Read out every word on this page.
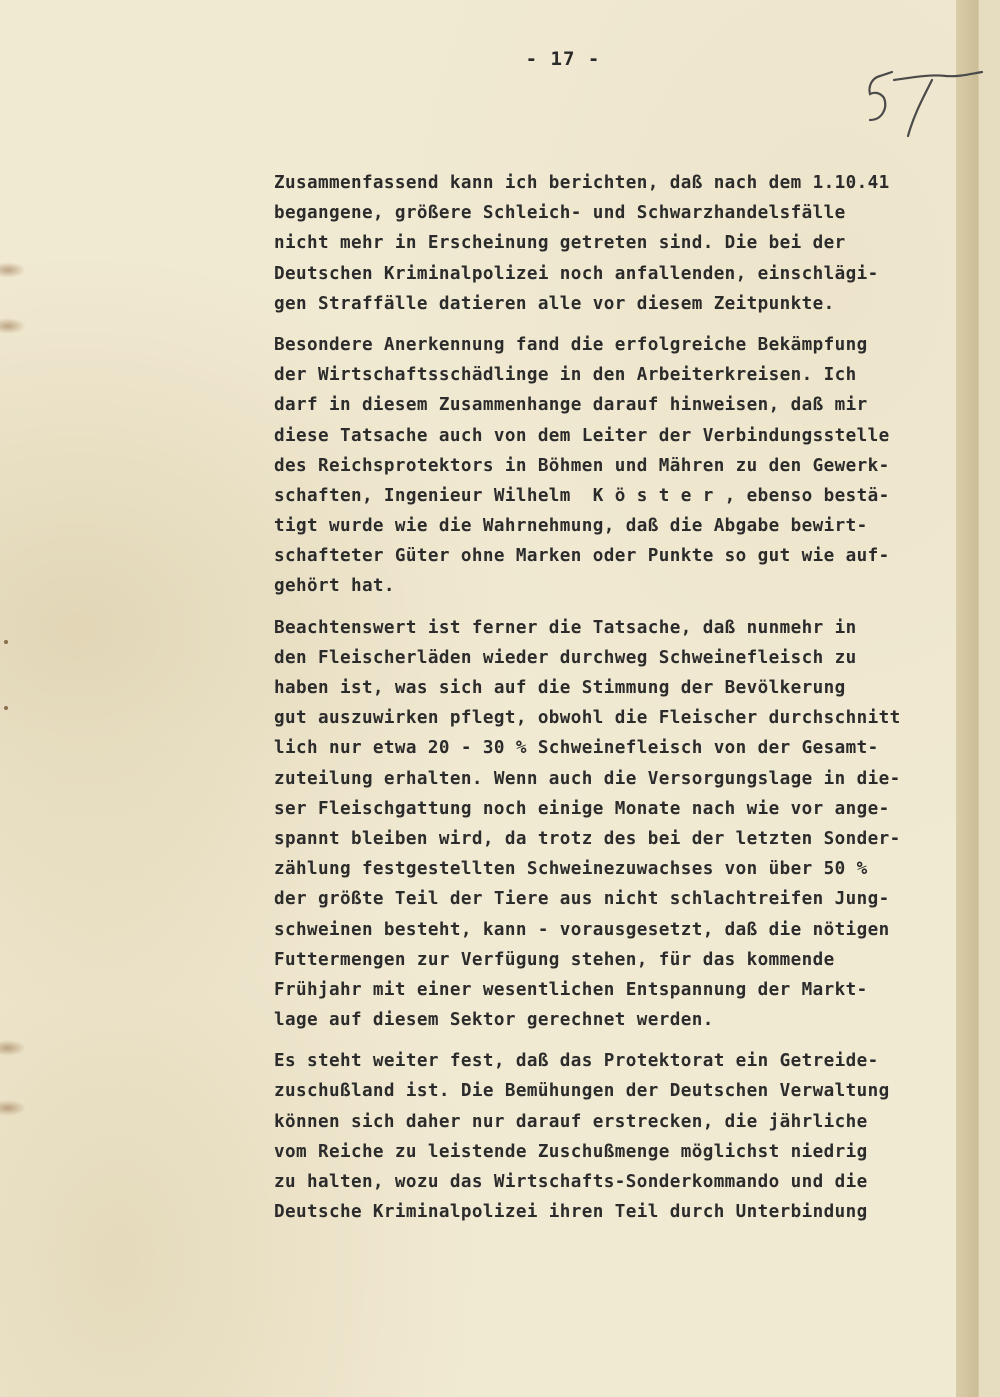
- 17 -
Zusammenfassend kann ich berichten, daß nach dem 1.10.41
begangene, größere Schleich- und Schwarzhandelsfälle
nicht mehr in Erscheinung getreten sind. Die bei der
Deutschen Kriminalpolizei noch anfallenden, einschlägi-
gen Straffälle datieren alle vor diesem Zeitpunkte.
Besondere Anerkennung fand die erfolgreiche Bekämpfung
der Wirtschaftsschädlinge in den Arbeiterkreisen. Ich
darf in diesem Zusammenhange darauf hinweisen, daß mir
diese Tatsache auch von dem Leiter der Verbindungsstelle
des Reichsprotektors in Böhmen und Mähren zu den Gewerk-
schaften, Ingenieur Wilhelm  K ö s t e r , ebenso bestä-
tigt wurde wie die Wahrnehmung, daß die Abgabe bewirt-
schafteter Güter ohne Marken oder Punkte so gut wie auf-
gehört hat.
Beachtenswert ist ferner die Tatsache, daß nunmehr in
den Fleischerläden wieder durchweg Schweinefleisch zu
haben ist, was sich auf die Stimmung der Bevölkerung
gut auszuwirken pflegt, obwohl die Fleischer durchschnitt
lich nur etwa 20 - 30 % Schweinefleisch von der Gesamt-
zuteilung erhalten. Wenn auch die Versorgungslage in die-
ser Fleischgattung noch einige Monate nach wie vor ange-
spannt bleiben wird, da trotz des bei der letzten Sonder-
zählung festgestellten Schweinezuwachses von über 50 %
der größte Teil der Tiere aus nicht schlachtreifen Jung-
schweinen besteht, kann - vorausgesetzt, daß die nötigen
Futtermengen zur Verfügung stehen, für das kommende
Frühjahr mit einer wesentlichen Entspannung der Markt-
lage auf diesem Sektor gerechnet werden.
Es steht weiter fest, daß das Protektorat ein Getreide-
zuschußland ist. Die Bemühungen der Deutschen Verwaltung
können sich daher nur darauf erstrecken, die jährliche
vom Reiche zu leistende Zuschußmenge möglichst niedrig
zu halten, wozu das Wirtschafts-Sonderkommando und die
Deutsche Kriminalpolizei ihren Teil durch Unterbindung
